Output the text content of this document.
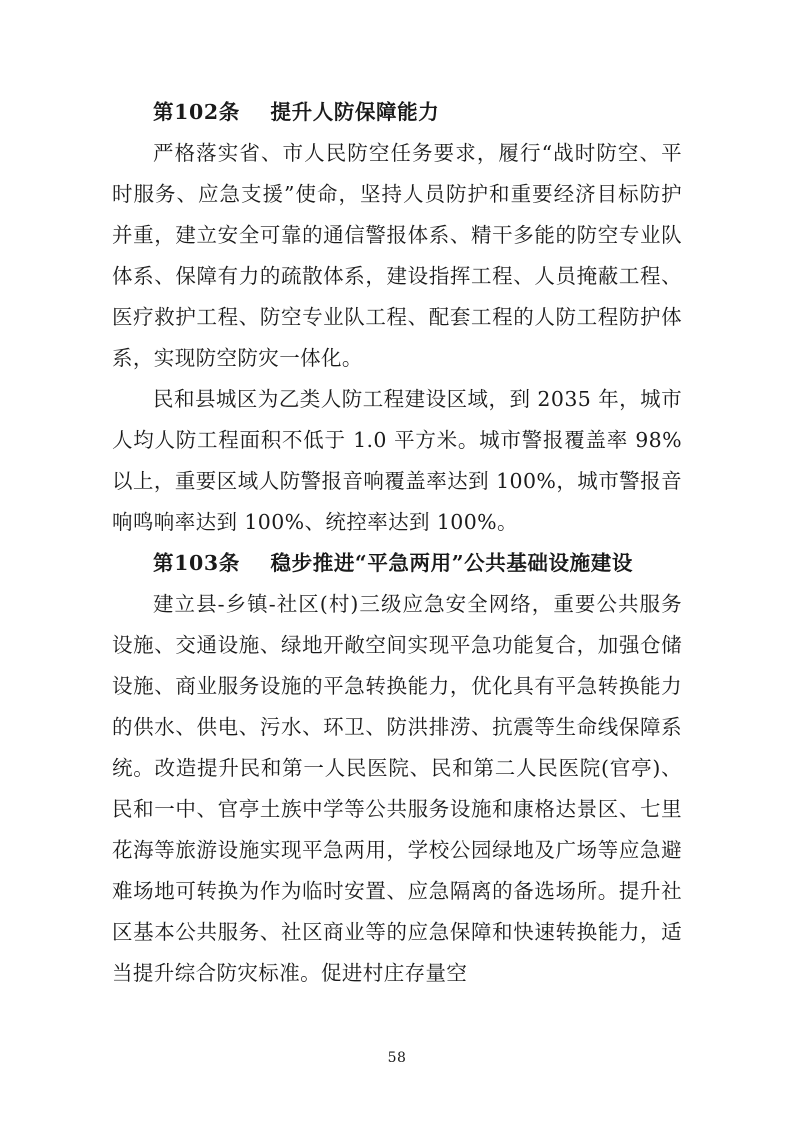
第102条 提升人防保障能力

严格落实省、市人民防空任务要求，履行“战时防空、平时服务、应急支援”使命，坚持人员防护和重要经济目标防护并重，建立安全可靠的通信警报体系、精干多能的防空专业队体系、保障有力的疏散体系，建设指挥工程、人员掩蔽工程、医疗救护工程、防空专业队工程、配套工程的人防工程防护体系，实现防空防灾一体化。

民和县城区为乙类人防工程建设区域，到 2035 年，城市人均人防工程面积不低于 1.0 平方米。城市警报覆盖率 98%以上，重要区域人防警报音响覆盖率达到 100%，城市警报音响鸣响率达到 100%、统控率达到 100%。

第103条 稳步推进“平急两用”公共基础设施建设

建立县-乡镇-社区(村)三级应急安全网络，重要公共服务设施、交通设施、绿地开敞空间实现平急功能复合，加强仓储设施、商业服务设施的平急转换能力，优化具有平急转换能力的供水、供电、污水、环卫、防洪排涝、抗震等生命线保障系统。改造提升民和第一人民医院、民和第二人民医院(官亭)、民和一中、官亭土族中学等公共服务设施和康格达景区、七里花海等旅游设施实现平急两用，学校公园绿地及广场等应急避难场地可转换为作为临时安置、应急隔离的备选场所。提升社区基本公共服务、社区商业等的应急保障和快速转换能力，适当提升综合防灾标准。促进村庄存量空

58
